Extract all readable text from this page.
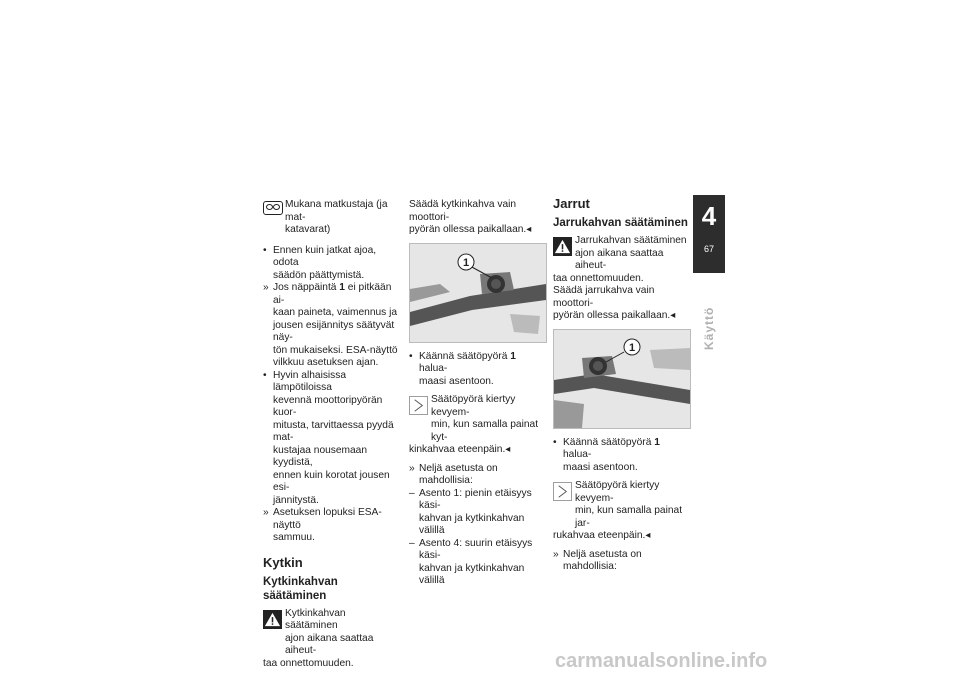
Mukana matkustaja (ja mat-

katavarat)

• Ennen kuin jatkat ajoa, odota

säädön päättymistä.

» Jos näppäintä 1 ei pitkään ai-

kaan paineta, vaimennus ja

jousen esijännitys säätyvät näy-

tön mukaiseksi. ESA-näyttö

vilkkuu asetuksen ajan.

• Hyvin alhaisissa lämpötiloissa

kevennä moottoripyörän kuor-

mitusta, tarvittaessa pyydä mat-

kustajaa nousemaan kyydistä,

ennen kuin korotat jousen esi-

jännitystä.

» Asetuksen lopuksi ESA-näyttö

sammuu.

Kytkin
Kytkinkahvan säätäminen

Kytkinkahvan säätäminen

ajon aikana saattaa aiheut-

taa onnettomuuden.

Säädä kytkinkahva vain moottori-

pyörän ollessa paikallaan.◂

1
• Käännä säätöpyörä 1 halua-

maasi asentoon.

Säätöpyörä kiertyy kevyem-

min, kun samalla painat kyt-

kinkahvaa eteenpäin.◂

» Neljä asetusta on mahdollisia:

– Asento 1: pienin etäisyys käsi-

kahvan ja kytkinkahvan välillä

– Asento 4: suurin etäisyys käsi-

kahvan ja kytkinkahvan välillä

Jarrut
Jarrukahvan säätäminen

Jarrukahvan säätäminen

ajon aikana saattaa aiheut-

taa onnettomuuden.

Säädä jarrukahva vain moottori-

pyörän ollessa paikallaan.◂

1
• Käännä säätöpyörä 1 halua-

maasi asentoon.

Säätöpyörä kiertyy kevyem-

min, kun samalla painat jar-

rukahvaa eteenpäin.◂

» Neljä asetusta on mahdollisia:

4
67
Käyttö
carmanualsonline.info
